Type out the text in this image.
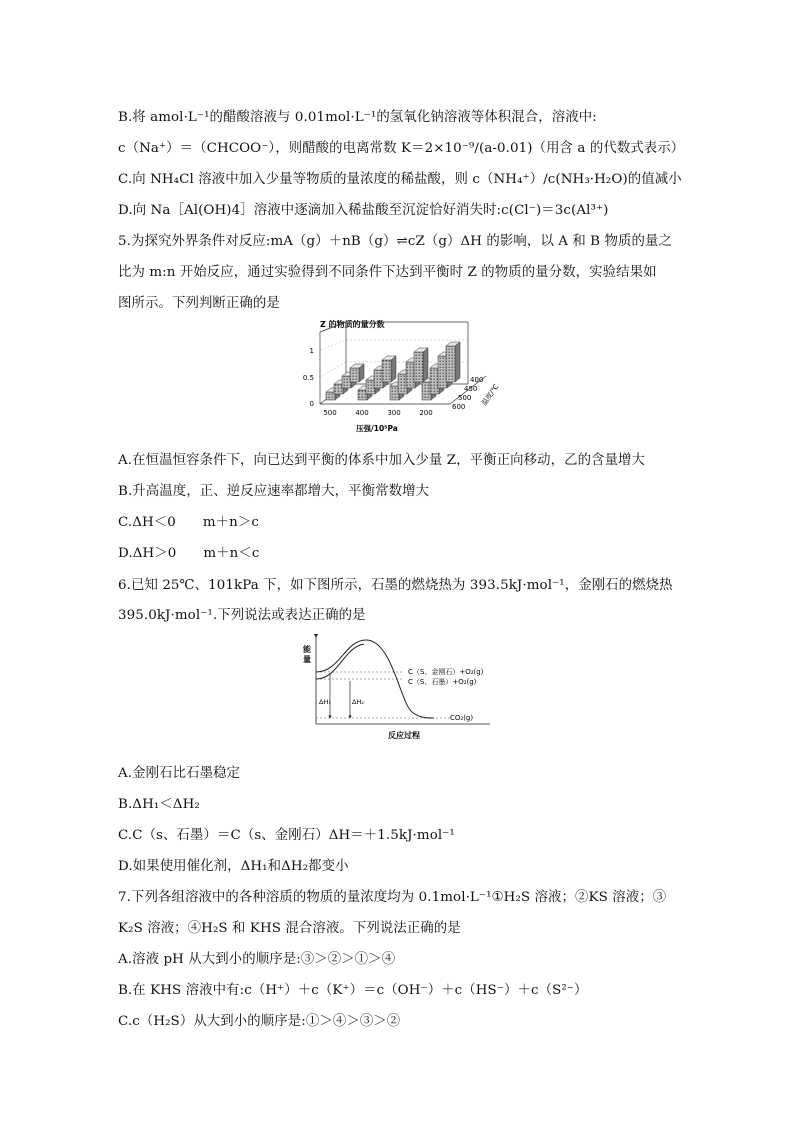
B.将 amol·L⁻¹的醋酸溶液与 0.01mol·L⁻¹的氢氧化钠溶液等体积混合，溶液中:
c（Na⁺）＝（CHCOO⁻），则醋酸的电离常数 K＝2×10⁻⁹/(a-0.01)（用含 a 的代数式表示）
C.向 NH₄Cl 溶液中加入少量等物质的量浓度的稀盐酸，则 c（NH₄⁺）/c(NH₃·H₂O)的值减小
D.向 Na［Al(OH)4］溶液中逐滴加入稀盐酸至沉淀恰好消失时:c(Cl⁻)＝3c(Al³⁺)
5.为探究外界条件对反应:mA（g）＋nB（g）⇌cZ（g）ΔH 的影响，以 A 和 B 物质的量之
比为 m:n 开始反应，通过实验得到不同条件下达到平衡时 Z 的物质的量分数，实验结果如
图所示。下列判断正确的是
A.在恒温恒容条件下，向已达到平衡的体系中加入少量 Z，平衡正向移动，乙的含量增大
B.升高温度，正、逆反应速率都增大，平衡常数增大
C.ΔH＜0　　m＋n＞c
D.ΔH＞0　　m＋n＜c
6.已知 25℃、101kPa 下，如下图所示，石墨的燃烧热为 393.5kJ·mol⁻¹，金刚石的燃烧热
395.0kJ·mol⁻¹.下列说法或表达正确的是
A.金刚石比石墨稳定
B.ΔH₁＜ΔH₂
C.C（s、石墨）＝C（s、金刚石）ΔH＝＋1.5kJ·mol⁻¹
D.如果使用催化剂，ΔH₁和ΔH₂都变小
7.下列各组溶液中的各种溶质的物质的量浓度均为 0.1mol·L⁻¹①H₂S 溶液；②KS 溶液；③
K₂S 溶液；④H₂S 和 KHS 混合溶液。下列说法正确的是
A.溶液 pH 从大到小的顺序是:③＞②＞①＞④
B.在 KHS 溶液中有:c（H⁺）＋c（K⁺）＝c（OH⁻）＋c（HS⁻）＋c（S²⁻）
C.c（H₂S）从大到小的顺序是:①＞④＞③＞②
Z 的物质的量分数
1
0.5
0
500	400	300	200
压强/10⁵Pa
400
450
500
600 温度/℃
能
量
ΔH₁	ΔH₂
C（S、金刚石）+O₂(g)
C（S、石墨）+O₂(g)
CO₂(g)
反应过程
